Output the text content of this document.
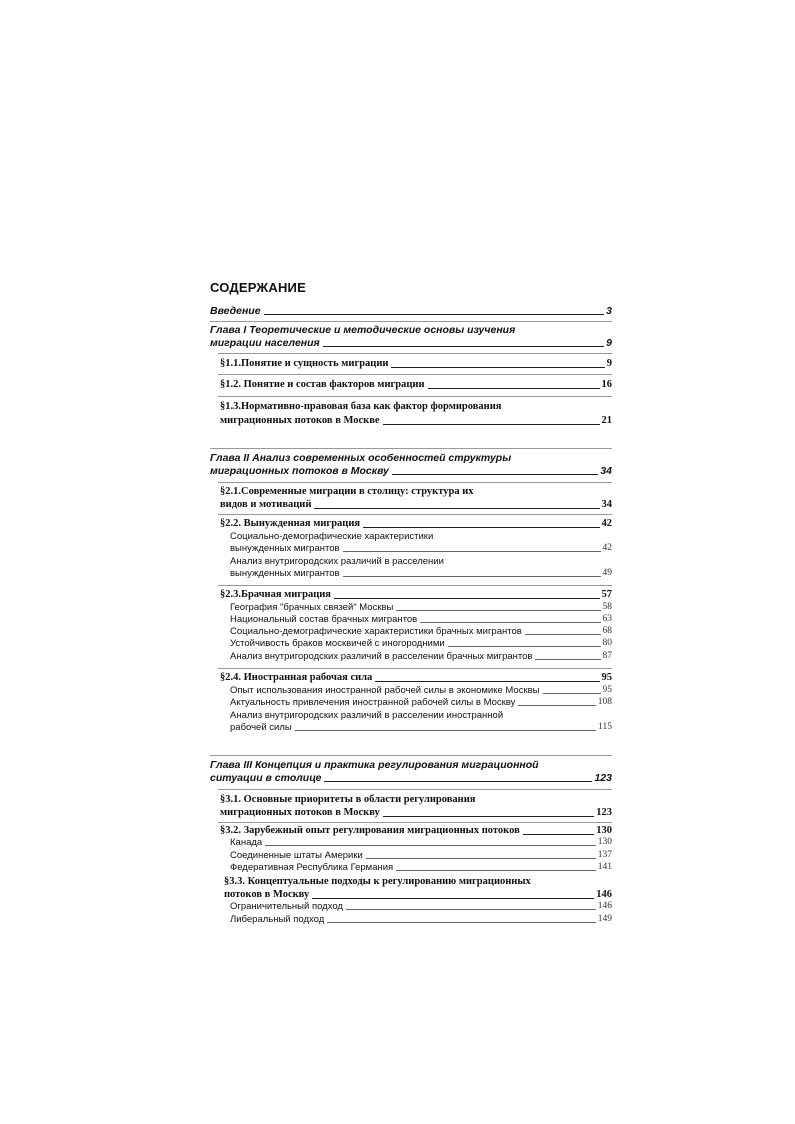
СОДЕРЖАНИЕ
Введение	3
Глава I Теоретические и методические основы изучения
миграции населения	9
§1.1.Понятие и сущность миграции	9
§1.2. Понятие и состав факторов миграции	16
§1.3.Нормативно-правовая база как фактор формирования
миграционных потоков в Москве	21
Глава II Анализ современных особенностей структуры
миграционных потоков в Москву	34
§2.1.Современные миграции в столицу: структура их
видов и мотиваций	34
§2.2. Вынужденная миграция	42
Социально-демографические характеристики
вынужденных мигрантов	42
Анализ внутригородских различий в расселении
вынужденных мигрантов	49
§2.3.Брачная миграция	57
География "брачных связей" Москвы	58
Национальный состав брачных мигрантов	63
Социально-демографические характеристики брачных мигрантов	68
Устойчивость браков москвичей с иногородними	80
Анализ внутригородских различий в расселении брачных мигрантов	87
§2.4. Иностранная рабочая сила	95
Опыт использования иностранной рабочей силы в экономике Москвы	95
Актуальность привлечения иностранной рабочей силы в Москву	108
Анализ внутригородских различий в расселении иностранной
рабочей силы	115
Глава III Концепция и практика регулирования миграционной
ситуации в столице	123
§3.1. Основные приоритеты в области регулирования
миграционных потоков в Москву	123
§3.2. Зарубежный опыт регулирования миграционных потоков	130
Канада	130
Соединенные штаты Америки	137
Федеративная Республика Германия	141
§3.3. Концептуальные подходы к регулированию миграционных
потоков в Москву	146
Ограничительный подход	146
Либеральный подход	149
